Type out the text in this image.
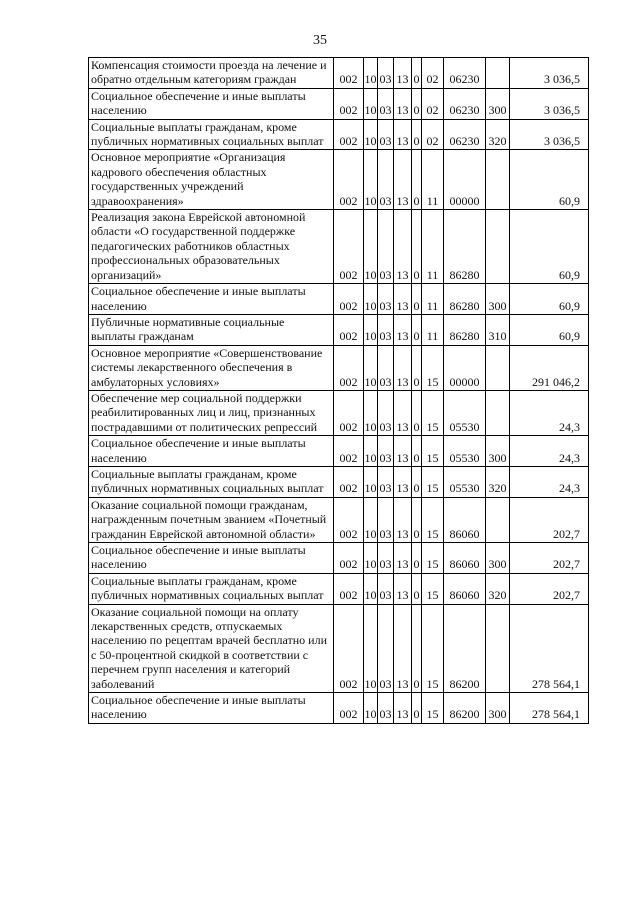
35
Компенсация стоимости проезда на лечение и обратно отдельным категориям граждан	002	10	03	13	0	02	06230		3 036,5
Социальное обеспечение и иные выплаты населению	002	10	03	13	0	02	06230	300	3 036,5
Социальные выплаты гражданам, кроме публичных нормативных социальных выплат	002	10	03	13	0	02	06230	320	3 036,5
Основное мероприятие «Организация кадрового обеспечения областных государственных учреждений здравоохранения»	002	10	03	13	0	11	00000		60,9
Реализация закона Еврейской автономной области «О государственной поддержке педагогических работников областных профессиональных образовательных организаций»	002	10	03	13	0	11	86280		60,9
Социальное обеспечение и иные выплаты населению	002	10	03	13	0	11	86280	300	60,9
Публичные нормативные социальные выплаты гражданам	002	10	03	13	0	11	86280	310	60,9
Основное мероприятие «Совершенствование системы лекарственного обеспечения в амбулаторных условиях»	002	10	03	13	0	15	00000		291 046,2
Обеспечение мер социальной поддержки реабилитированных лиц и лиц, признанных пострадавшими от политических репрессий	002	10	03	13	0	15	05530		24,3
Социальное обеспечение и иные выплаты населению	002	10	03	13	0	15	05530	300	24,3
Социальные выплаты гражданам, кроме публичных нормативных социальных выплат	002	10	03	13	0	15	05530	320	24,3
Оказание социальной помощи гражданам, награжденным почетным званием «Почетный гражданин Еврейской автономной области»	002	10	03	13	0	15	86060		202,7
Социальное обеспечение и иные выплаты населению	002	10	03	13	0	15	86060	300	202,7
Социальные выплаты гражданам, кроме публичных нормативных социальных выплат	002	10	03	13	0	15	86060	320	202,7
Оказание социальной помощи на оплату лекарственных средств, отпускаемых населению по рецептам врачей бесплатно или с 50-процентной скидкой в соответствии с перечнем групп населения и категорий заболеваний	002	10	03	13	0	15	86200		278 564,1
Социальное обеспечение и иные выплаты населению	002	10	03	13	0	15	86200	300	278 564,1
